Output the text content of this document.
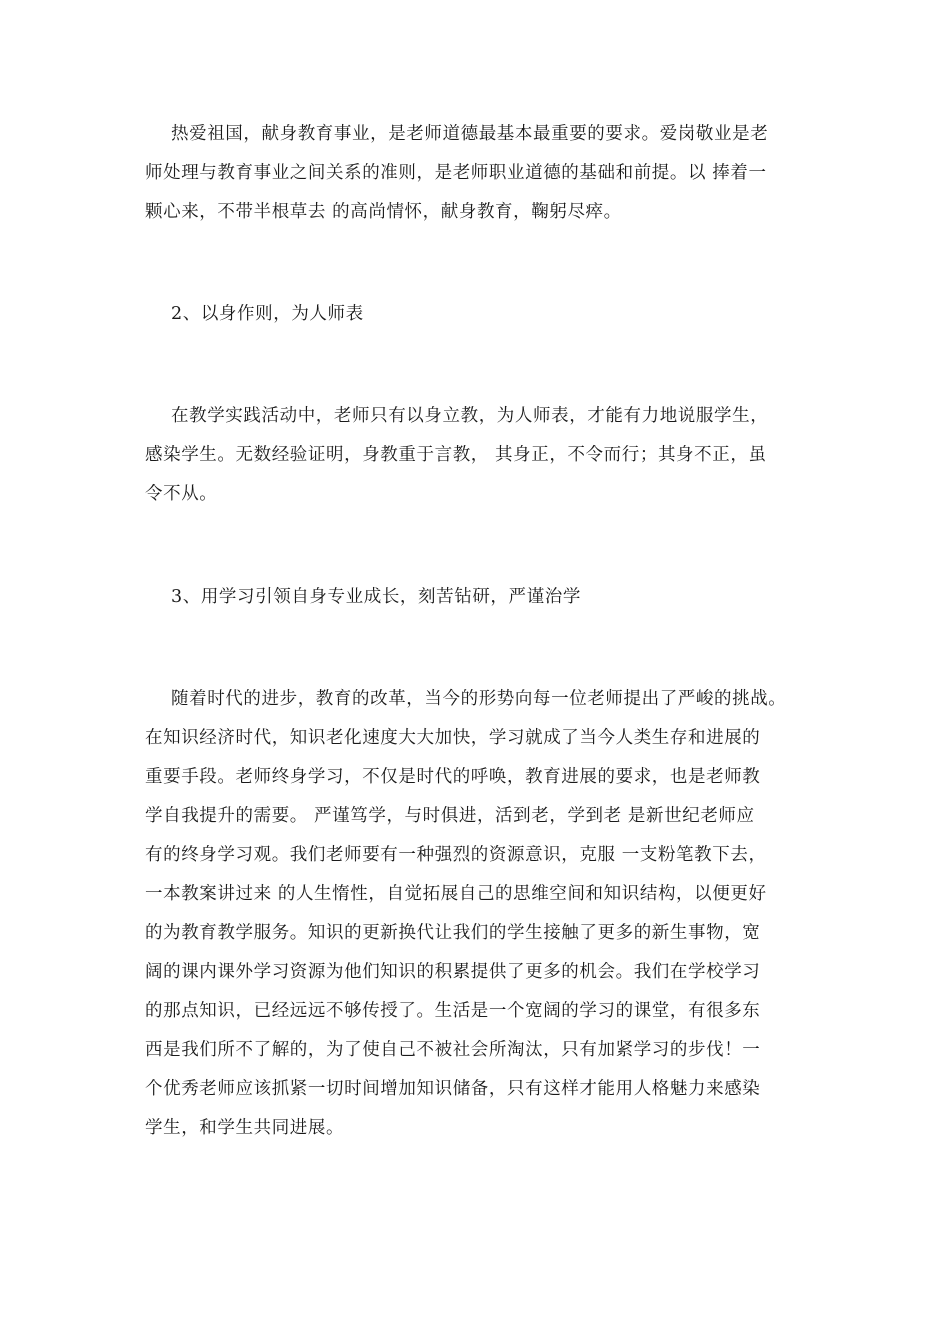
热爱祖国，献身教育事业，是老师道德最基本最重要的要求。爱岗敬业是老
师处理与教育事业之间关系的准则，是老师职业道德的基础和前提。以 捧着一
颗心来，不带半根草去 的高尚情怀，献身教育，鞠躬尽瘁。
2、以身作则，为人师表
在教学实践活动中，老师只有以身立教，为人师表，才能有力地说服学生，
感染学生。无数经验证明，身教重于言教， 其身正，不令而行；其身不正，虽
令不从。
3、用学习引领自身专业成长，刻苦钻研，严谨治学
随着时代的进步，教育的改革，当今的形势向每一位老师提出了严峻的挑战。
在知识经济时代，知识老化速度大大加快，学习就成了当今人类生存和进展的
重要手段。老师终身学习，不仅是时代的呼唤，教育进展的要求，也是老师教
学自我提升的需要。 严谨笃学，与时俱进，活到老，学到老 是新世纪老师应
有的终身学习观。我们老师要有一种强烈的资源意识，克服 一支粉笔教下去，
一本教案讲过来 的人生惰性，自觉拓展自己的思维空间和知识结构，以便更好
的为教育教学服务。知识的更新换代让我们的学生接触了更多的新生事物，宽
阔的课内课外学习资源为他们知识的积累提供了更多的机会。我们在学校学习
的那点知识，已经远远不够传授了。生活是一个宽阔的学习的课堂，有很多东
西是我们所不了解的，为了使自己不被社会所淘汰，只有加紧学习的步伐！一
个优秀老师应该抓紧一切时间增加知识储备，只有这样才能用人格魅力来感染
学生，和学生共同进展。
